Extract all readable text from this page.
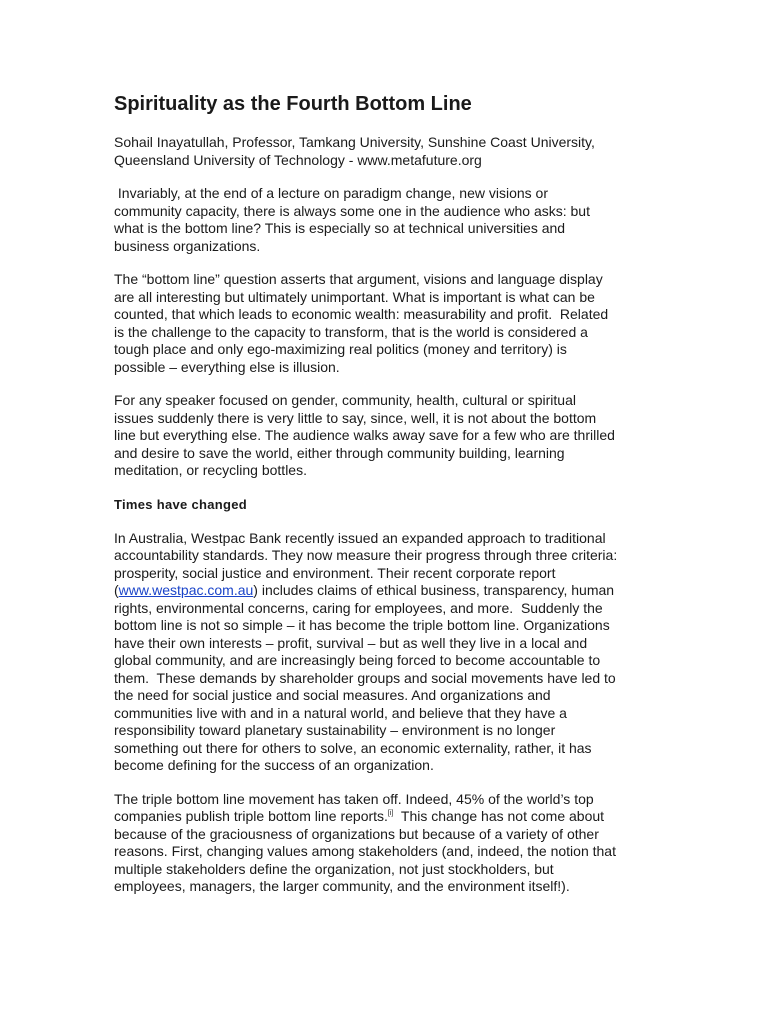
Spirituality as the Fourth Bottom Line
Sohail Inayatullah, Professor, Tamkang University, Sunshine Coast University,
Queensland University of Technology - www.metafuture.org
Invariably, at the end of a lecture on paradigm change, new visions or
community capacity, there is always some one in the audience who asks: but
what is the bottom line? This is especially so at technical universities and
business organizations.
The “bottom line” question asserts that argument, visions and language display
are all interesting but ultimately unimportant. What is important is what can be
counted, that which leads to economic wealth: measurability and profit.  Related
is the challenge to the capacity to transform, that is the world is considered a
tough place and only ego-maximizing real politics (money and territory) is
possible – everything else is illusion.
For any speaker focused on gender, community, health, cultural or spiritual
issues suddenly there is very little to say, since, well, it is not about the bottom
line but everything else. The audience walks away save for a few who are thrilled
and desire to save the world, either through community building, learning
meditation, or recycling bottles.
Times have changed
In Australia, Westpac Bank recently issued an expanded approach to traditional
accountability standards. They now measure their progress through three criteria:
prosperity, social justice and environment. Their recent corporate report
(www.westpac.com.au) includes claims of ethical business, transparency, human
rights, environmental concerns, caring for employees, and more.  Suddenly the
bottom line is not so simple – it has become the triple bottom line. Organizations
have their own interests – profit, survival – but as well they live in a local and
global community, and are increasingly being forced to become accountable to
them.  These demands by shareholder groups and social movements have led to
the need for social justice and social measures. And organizations and
communities live with and in a natural world, and believe that they have a
responsibility toward planetary sustainability – environment is no longer
something out there for others to solve, an economic externality, rather, it has
become defining for the success of an organization.
The triple bottom line movement has taken off. Indeed, 45% of the world’s top
companies publish triple bottom line reports.[i]  This change has not come about
because of the graciousness of organizations but because of a variety of other
reasons. First, changing values among stakeholders (and, indeed, the notion that
multiple stakeholders define the organization, not just stockholders, but
employees, managers, the larger community, and the environment itself!).
